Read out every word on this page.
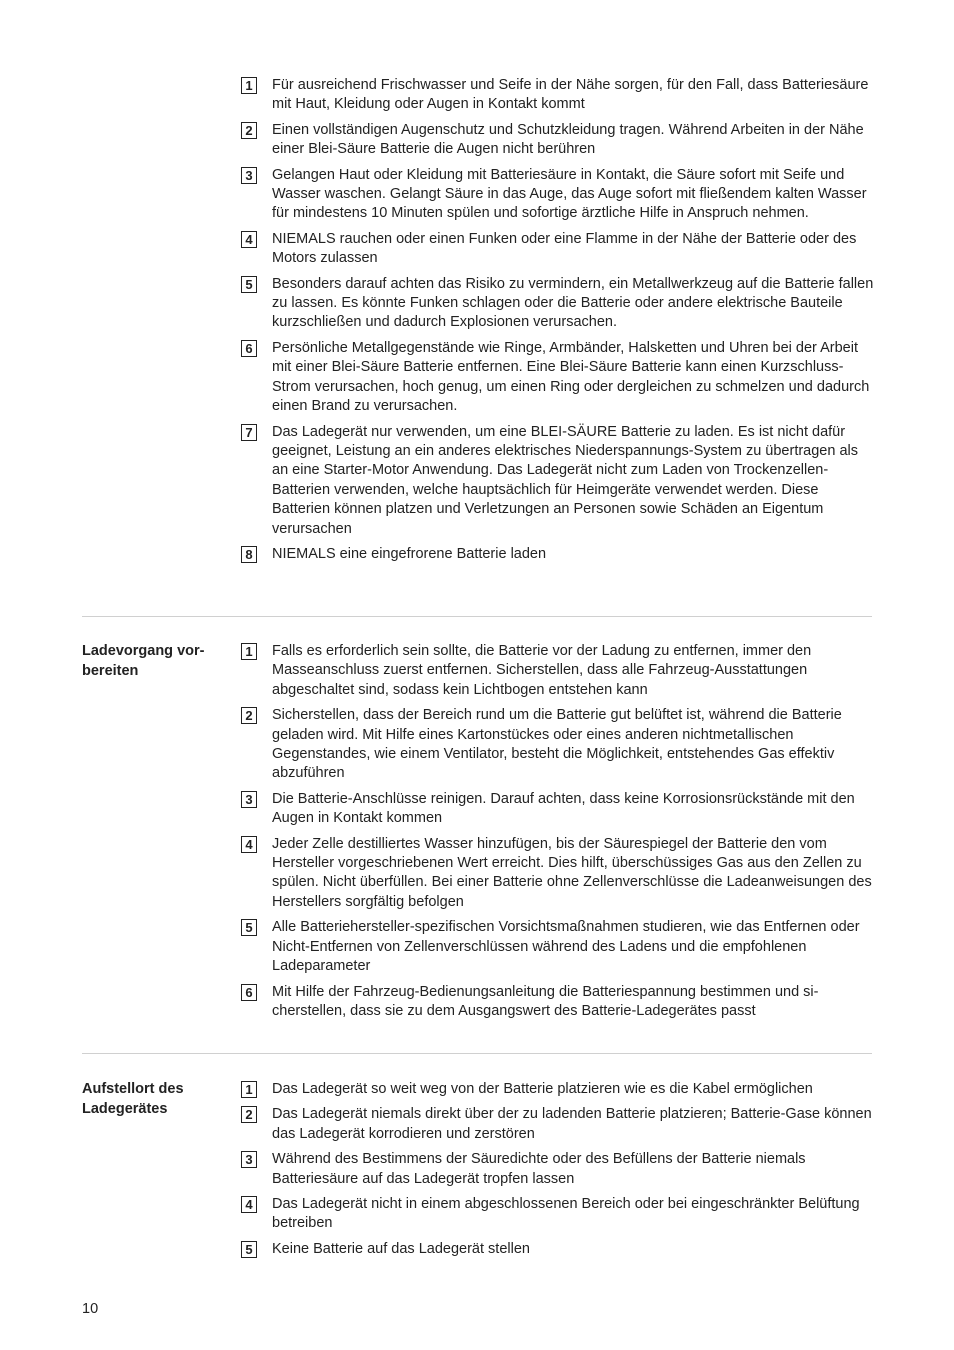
1	Für ausreichend Frischwasser und Seife in der Nähe sorgen, für den Fall, dass Batteriesäure mit Haut, Kleidung oder Augen in Kontakt kommt
2	Einen vollständigen Augenschutz und Schutzkleidung tragen. Während Arbeiten in der Nähe einer Blei-Säure Batterie die Augen nicht berühren
3	Gelangen Haut oder Kleidung mit Batteriesäure in Kontakt, die Säure sofort mit Seife und Wasser waschen. Gelangt Säure in das Auge, das Auge sofort mit fließendem kalten Wasser für mindestens 10 Minuten spülen und sofortige ärztliche Hilfe in Anspruch nehmen.
4	NIEMALS rauchen oder einen Funken oder eine Flamme in der Nähe der Batterie oder des Motors zulassen
5	Besonders darauf achten das Risiko zu vermindern, ein Metallwerkzeug auf die Batterie fallen zu lassen. Es könnte Funken schlagen oder die Batterie oder andere elektrische Bauteile kurzschließen und dadurch Explosionen verursachen.
6	Persönliche Metallgegenstände wie Ringe, Armbänder, Halsketten und Uhren bei der Arbeit mit einer Blei-Säure Batterie entfernen. Eine Blei-Säure Batterie kann einen Kurzschluss-Strom verursachen, hoch genug, um einen Ring oder dergleichen zu schmelzen und dadurch einen Brand zu verursachen.
7	Das Ladegerät nur verwenden, um eine BLEI-SÄURE Batterie zu laden. Es ist nicht dafür geeignet, Leistung an ein anderes elektrisches Niederspannungs-System zu übertragen als an eine Starter-Motor Anwendung. Das Ladegerät nicht zum Laden von Trockenzellen-Batterien verwenden, welche hauptsächlich für Heimgeräte verwendet werden. Diese Batterien können platzen und Verletzungen an Personen sowie Schäden an Eigentum verursachen
8	NIEMALS eine eingefrorene Batterie laden
Ladevorgang vorbereiten
1	Falls es erforderlich sein sollte, die Batterie vor der Ladung zu entfernen, immer den Masseanschluss zuerst entfernen. Sicherstellen, dass alle Fahrzeug-Ausstattungen abgeschaltet sind, sodass kein Lichtbogen entstehen kann
2	Sicherstellen, dass der Bereich rund um die Batterie gut belüftet ist, während die Batterie geladen wird. Mit Hilfe eines Kartonstückes oder eines anderen nichtmetallischen Gegenstandes, wie einem Ventilator, besteht die Möglichkeit, entstehendes Gas effektiv abzuführen
3	Die Batterie-Anschlüsse reinigen. Darauf achten, dass keine Korrosionsrückstände mit den Augen in Kontakt kommen
4	Jeder Zelle destilliertes Wasser hinzufügen, bis der Säurespiegel der Batterie den vom Hersteller vorgeschriebenen Wert erreicht. Dies hilft, überschüssiges Gas aus den Zellen zu spülen. Nicht überfüllen. Bei einer Batterie ohne Zellenverschlüsse die Ladeanweisungen des Herstellers sorgfältig befolgen
5	Alle Batteriehersteller-spezifischen Vorsichtsmaßnahmen studieren, wie das Entfernen oder Nicht-Entfernen von Zellenverschlüssen während des Ladens und die empfohlenen Ladeparameter
6	Mit Hilfe der Fahrzeug-Bedienungsanleitung die Batteriespannung bestimmen und sicherstellen, dass sie zu dem Ausgangswert des Batterie-Ladegerätes passt
Aufstellort des Ladegerätes
1	Das Ladegerät so weit weg von der Batterie platzieren wie es die Kabel ermöglichen
2	Das Ladegerät niemals direkt über der zu ladenden Batterie platzieren; Batterie-Gase können das Ladegerät korrodieren und zerstören
3	Während des Bestimmens der Säuredichte oder des Befüllens der Batterie niemals Batteriesäure auf das Ladegerät tropfen lassen
4	Das Ladegerät nicht in einem abgeschlossenen Bereich oder bei eingeschränkter Belüftung betreiben
5	Keine Batterie auf das Ladegerät stellen
10
